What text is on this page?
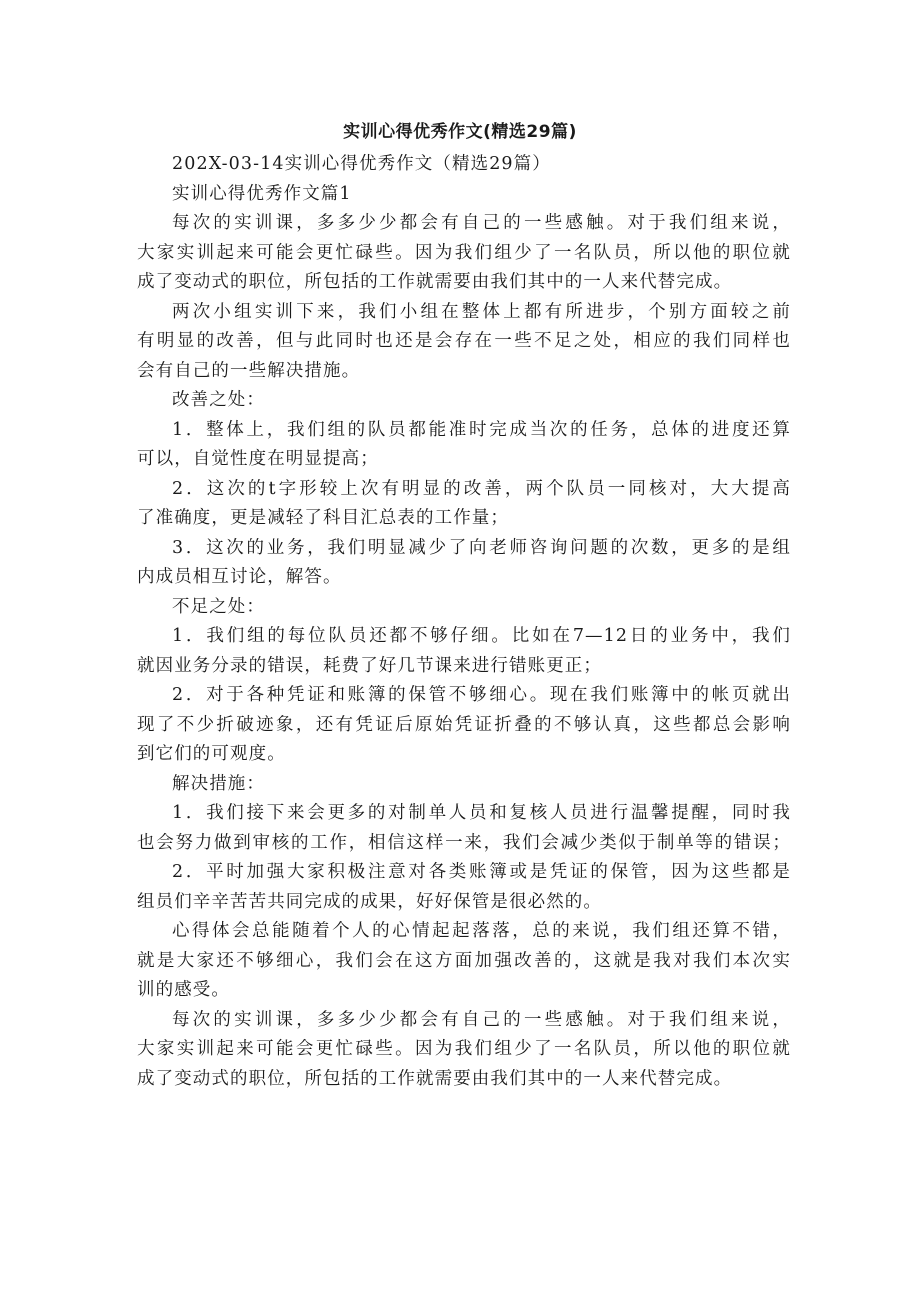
实训心得优秀作文(精选29篇)
202X-03-14实训心得优秀作文（精选29篇）
实训心得优秀作文篇1
每次的实训课，多多少少都会有自己的一些感触。对于我们组来说，
大家实训起来可能会更忙碌些。因为我们组少了一名队员，所以他的职位就
成了变动式的职位，所包括的工作就需要由我们其中的一人来代替完成。
两次小组实训下来，我们小组在整体上都有所进步，个别方面较之前
有明显的改善，但与此同时也还是会存在一些不足之处，相应的我们同样也
会有自己的一些解决措施。
改善之处：
1．整体上，我们组的队员都能准时完成当次的任务，总体的进度还算
可以，自觉性度在明显提高；
2．这次的t字形较上次有明显的改善，两个队员一同核对，大大提高
了准确度，更是减轻了科目汇总表的工作量；
3．这次的业务，我们明显减少了向老师咨询问题的次数，更多的是组
内成员相互讨论，解答。
不足之处：
1．我们组的每位队员还都不够仔细。比如在7—12日的业务中，我们
就因业务分录的错误，耗费了好几节课来进行错账更正；
2．对于各种凭证和账簿的保管不够细心。现在我们账簿中的帐页就出
现了不少折破迹象，还有凭证后原始凭证折叠的不够认真，这些都总会影响
到它们的可观度。
解决措施：
1．我们接下来会更多的对制单人员和复核人员进行温馨提醒，同时我
也会努力做到审核的工作，相信这样一来，我们会减少类似于制单等的错误；
2．平时加强大家积极注意对各类账簿或是凭证的保管，因为这些都是
组员们辛辛苦苦共同完成的成果，好好保管是很必然的。
心得体会总能随着个人的心情起起落落，总的来说，我们组还算不错，
就是大家还不够细心，我们会在这方面加强改善的，这就是我对我们本次实
训的感受。
每次的实训课，多多少少都会有自己的一些感触。对于我们组来说，
大家实训起来可能会更忙碌些。因为我们组少了一名队员，所以他的职位就
成了变动式的职位，所包括的工作就需要由我们其中的一人来代替完成。
